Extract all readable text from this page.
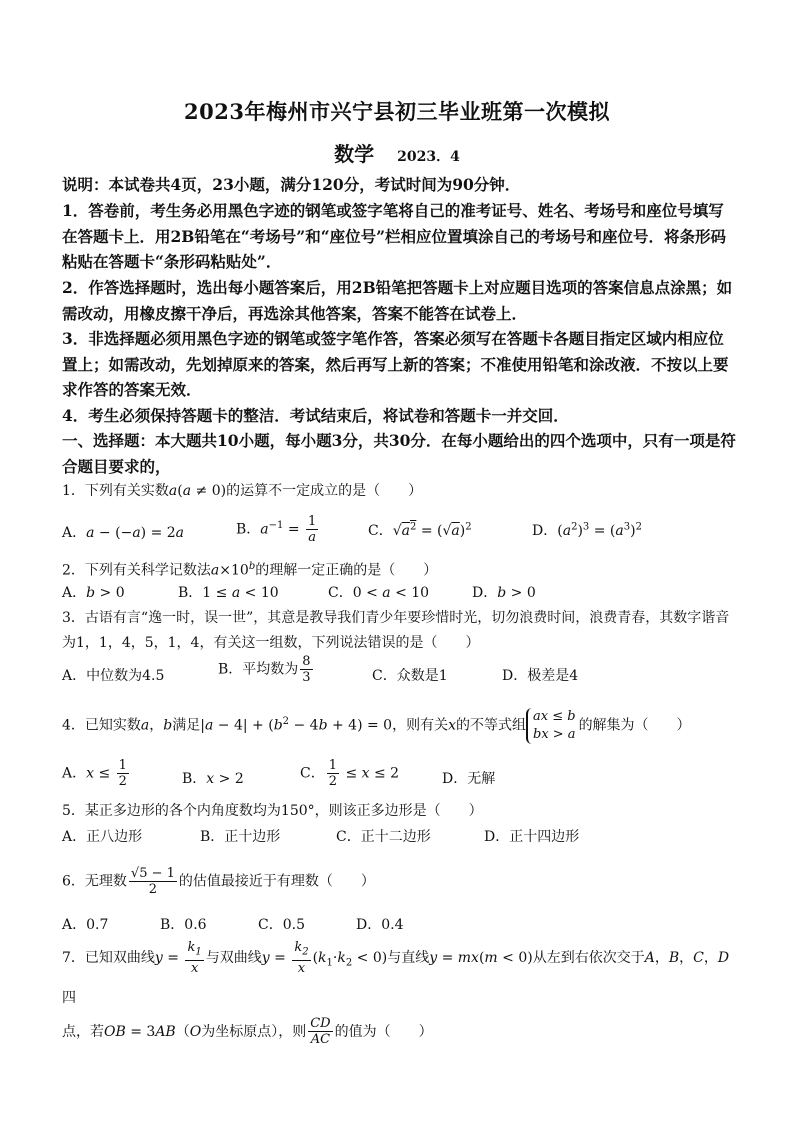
2023年梅州市兴宁县初三毕业班第一次模拟
数学 2023．4
说明：本试卷共4页，23小题，满分120分，考试时间为90分钟．
1．答卷前，考生务必用黑色字迹的钢笔或签字笔将自己的准考证号、姓名、考场号和座位号填写在答题卡上．用2B铅笔在“考场号”和“座位号”栏相应位置填涂自己的考场号和座位号．将条形码粘贴在答题卡“条形码粘贴处”．
2．作答选择题时，选出每小题答案后，用2B铅笔把答题卡上对应题目选项的答案信息点涂黑；如需改动，用橡皮擦干净后，再选涂其他答案，答案不能答在试卷上．
3．非选择题必须用黑色字迹的钢笔或签字笔作答，答案必须写在答题卡各题目指定区域内相应位置上；如需改动，先划掉原来的答案，然后再写上新的答案；不准使用铅笔和涂改液．不按以上要求作答的答案无效．
4．考生必须保持答题卡的整洁．考试结束后，将试卷和答题卡一并交回．
一、选择题：本大题共10小题，每小题3分，共30分．在每小题给出的四个选项中，只有一项是符合题目要求的，
1．下列有关实数a(a ≠ 0)的运算不一定成立的是（　　）
A．a − (−a) = 2a	B．$a^{-1} = \frac{1}{a}$	C．$√a^2 = (√a)^2$	D．$(a^2)^3 = (a^3)^2$
2．下列有关科学记数法$a\times 10^b$的理解一定正确的是（　　）
A．b > 0	B．1 ≤ a < 10	C．0 < a < 10	D．b > 0
3．古语有言“逸一时，误一世”，其意是教导我们青少年要珍惜时光，切勿浪费时间，浪费青春，其数字谐音为1，1，4，5，1，4，有关这一组数，下列说法错误的是（　　）
A．中位数为4.5	B．平均数为 $\frac{8}{3}$	C．众数是1	D．极差是4
4．已知实数a，b满足$|a - 4| + (b^2 - 4b + 4) = 0$，则有关x的不等式组ax ≤ b
bx > a的解集为（　　）
A．$x \le \frac{1}{2}$	B．x > 2	C． $\frac{1}{2} \le x \le 2$	D．无解
5．某正多边形的各个内角度数均为150°，则该正多边形是（　　）
A．正八边形	B．正十边形	C．正十二边形	D．正十四边形
6．无理数 $\frac{√5 - 1}{2}$ 的估值最接近于有理数（　　）
A．0.7	B．0.6	C．0.5	D．0.4
7．已知双曲线$y = \frac{k_1}{x}$ 与双曲线$y = \frac{k_2}{x} (k_1\cdot k_2 < 0)$与直线y = mx(m < 0)从左到右依次交于A，B，C，D四
点，若OB = 3AB（O为坐标原点），则 $\frac{CD}{AC}$ 的值为（　　）
